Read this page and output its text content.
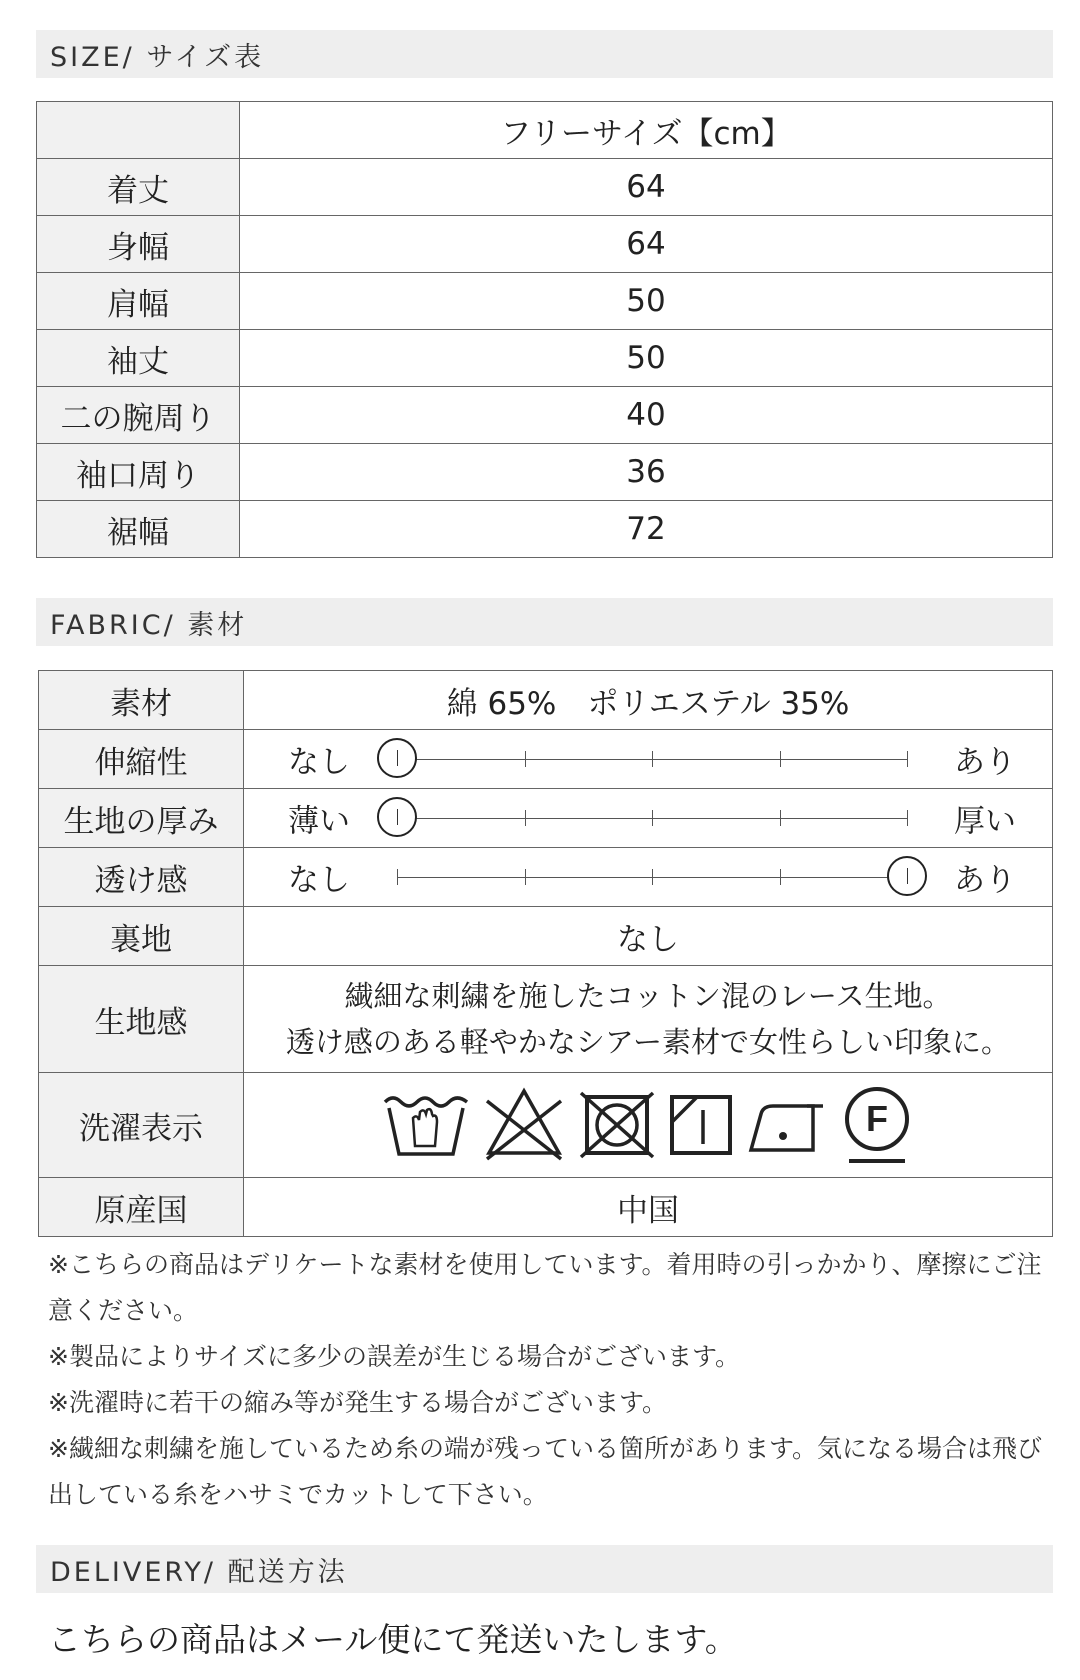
SIZE/ サイズ表
	フリーサイズ【cm】
着丈	64
身幅	64
肩幅	50
袖丈	50
二の腕周り	40
袖口周り	36
裾幅	72
FABRIC/ 素材
素材	綿 65%　ポリエステル 35%
伸縮性	なし あり

生地の厚み	薄い 厚い

透け感	なし あり

裏地	なし
生地感	繊細な刺繍を施したコットン混のレース生地。
透け感のある軽やかなシアー素材で女性らしい印象に。

洗濯表示	F

原産国	中国

※こちらの商品はデリケートな素材を使用しています。着用時の引っかかり、摩擦にご注意ください。

※製品によりサイズに多少の誤差が生じる場合がございます。

※洗濯時に若干の縮み等が発生する場合がございます。

※繊細な刺繍を施しているため糸の端が残っている箇所があります。気になる場合は飛び出している糸をハサミでカットして下さい。

DELIVERY/ 配送方法
こちらの商品はメール便にて発送いたします。
